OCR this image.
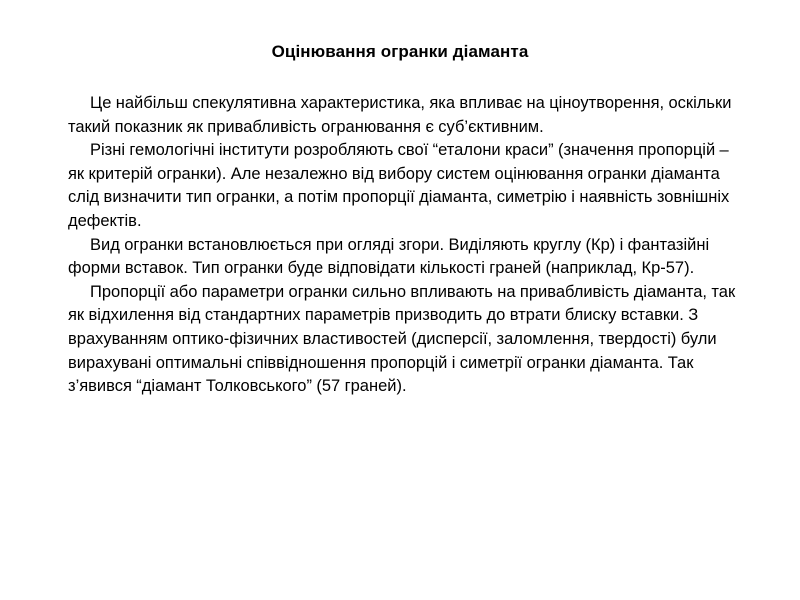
Оцінювання огранки діаманта

Це найбільш спекулятивна характеристика, яка впливає на ціноутворення, оскільки такий показник як привабливість огранювання є суб’єктивним.

Різні гемологічні інститути розробляють свої “еталони краси” (значення пропорцій – як критерій огранки). Але незалежно від вибору систем оцінювання огранки діаманта слід визначити тип огранки, а потім пропорції діаманта, симетрію і наявність зовнішніх дефектів.

Вид огранки встановлюється при огляді згори. Виділяють круглу (Кр) і фантазійні форми вставок. Тип огранки буде відповідати кількості граней (наприклад, Кр-57).

Пропорції або параметри огранки сильно впливають на привабливість діаманта, так як відхилення від стандартних параметрів призводить до втрати блиску вставки. З врахуванням оптико-фізичних властивостей (дисперсії, заломлення, твердості) були вирахувані оптимальні співвідношення пропорцій і симетрії огранки діаманта. Так з’явився “діамант Толковського” (57 граней).
